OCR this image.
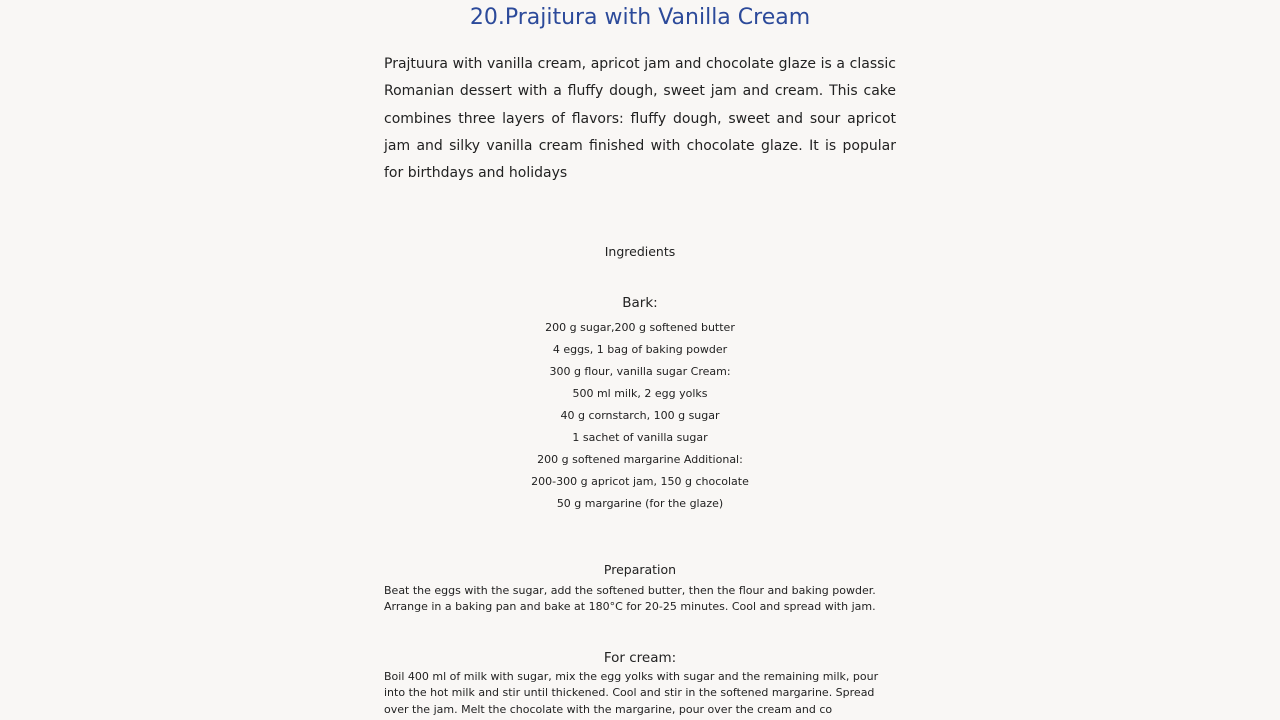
20.Prajitura with Vanilla Cream

Prajtuura with vanilla cream, apricot jam and chocolate glaze is a classic Romanian dessert with a fluffy dough, sweet jam and cream. This cake combines three layers of flavors: fluffy dough, sweet and sour apricot jam and silky vanilla cream finished with chocolate glaze. It is popular for birthdays and holidays

Ingredients
Bark:
200 g sugar,200 g softened butter
4 eggs, 1 bag of baking powder
300 g flour, vanilla sugar Cream:
500 ml milk, 2 egg yolks
40 g cornstarch, 100 g sugar
1 sachet of vanilla sugar
200 g softened margarine Additional:
200-300 g apricot jam, 150 g chocolate
50 g margarine (for the glaze)
Preparation

Beat the eggs with the sugar, add the softened butter, then the flour and baking powder. Arrange in a baking pan and bake at 180°C for 20-25 minutes. Cool and spread with jam.

For cream:

Boil 400 ml of milk with sugar, mix the egg yolks with sugar and the remaining milk, pour into the hot milk and stir until thickened. Cool and stir in the softened margarine. Spread over the jam. Melt the chocolate with the margarine, pour over the cream and co
